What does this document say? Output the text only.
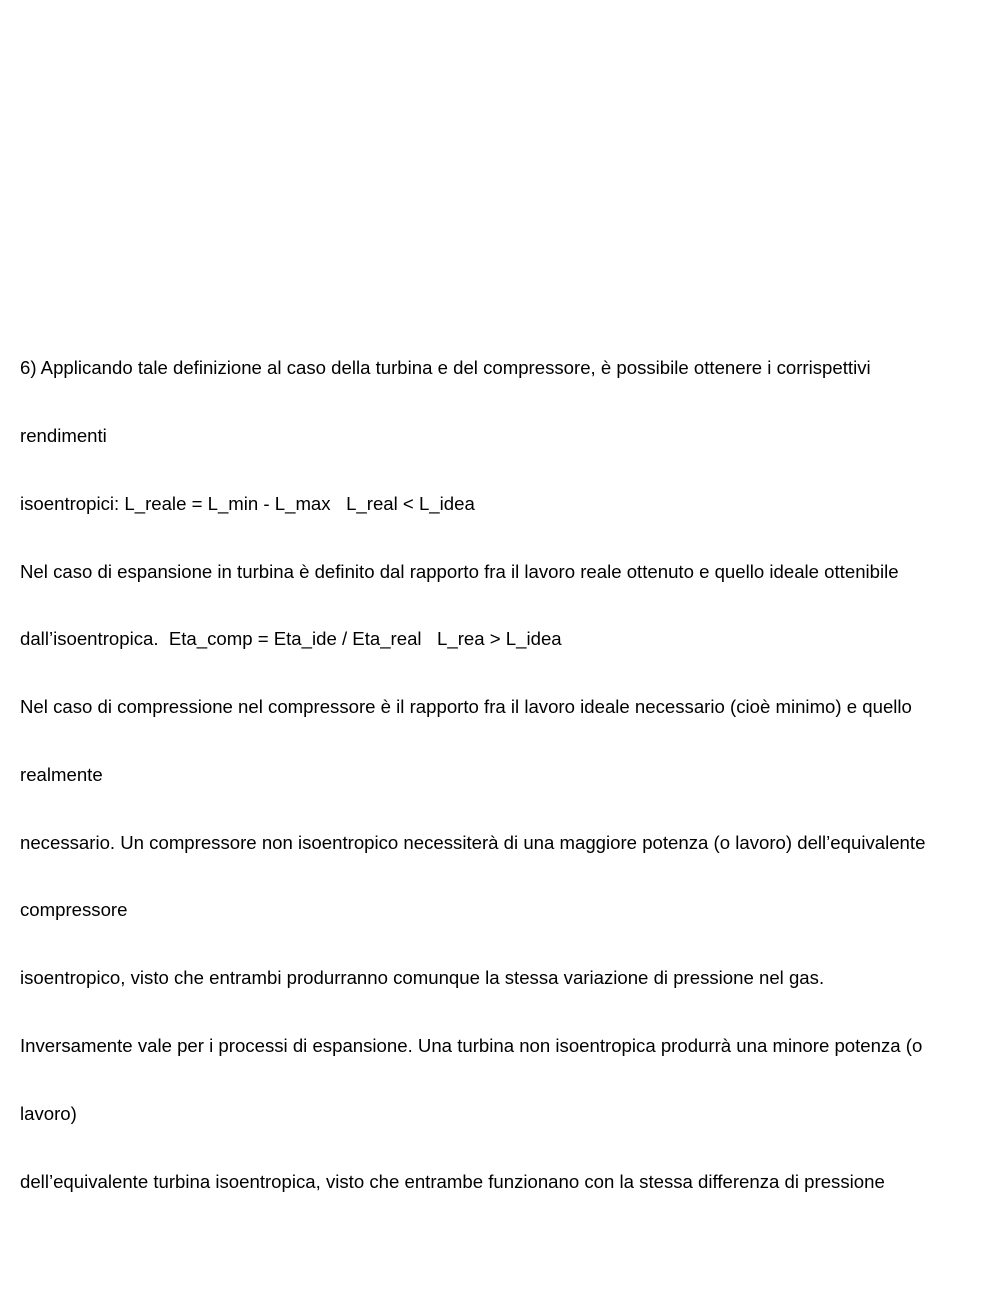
6) Applicando tale definizione al caso della turbina e del compressore, è possibile ottenere i corrispettivi

rendimenti

isoentropici: L_reale = L_min - L_max   L_real < L_idea

Nel caso di espansione in turbina è definito dal rapporto fra il lavoro reale ottenuto e quello ideale ottenibile

dall’isoentropica.  Eta_comp = Eta_ide / Eta_real   L_rea > L_idea

Nel caso di compressione nel compressore è il rapporto fra il lavoro ideale necessario (cioè minimo) e quello

realmente

necessario. Un compressore non isoentropico necessiterà di una maggiore potenza (o lavoro) dell’equivalente

compressore

isoentropico, visto che entrambi produrranno comunque la stessa variazione di pressione nel gas.

Inversamente vale per i processi di espansione. Una turbina non isoentropica produrrà una minore potenza (o

lavoro)

dell’equivalente turbina isoentropica, visto che entrambe funzionano con la stessa differenza di pressione
